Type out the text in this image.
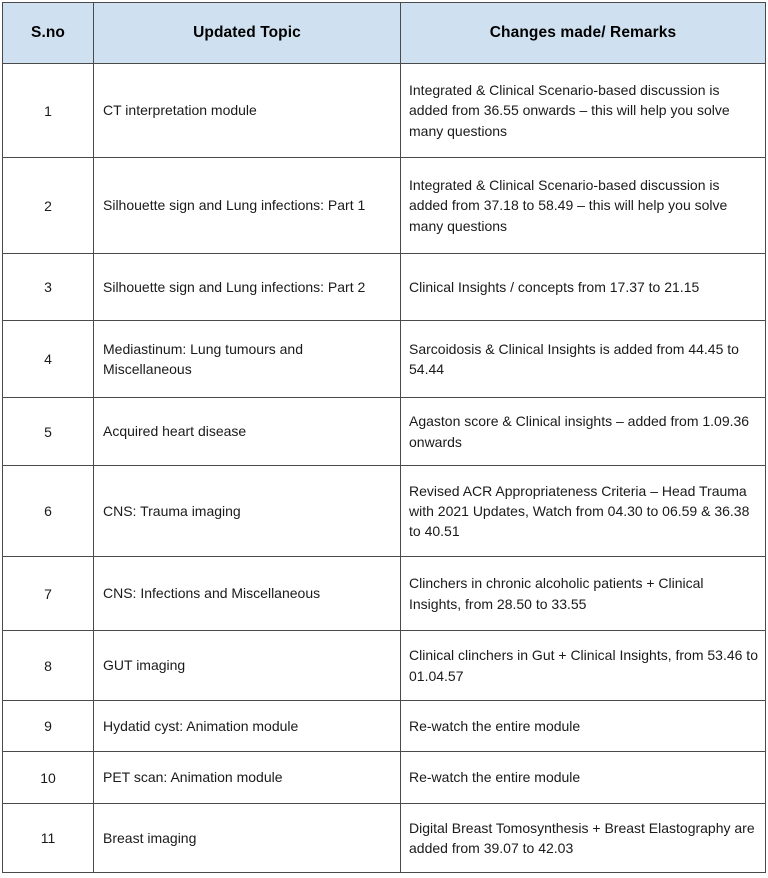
S.no	Updated Topic	Changes made/ Remarks

1	CT interpretation module	Integrated & Clinical Scenario-based discussion is added from 36.55 onwards – this will help you solve many questions

2	Silhouette sign and Lung infections: Part 1	Integrated & Clinical Scenario-based discussion is added from 37.18 to 58.49 – this will help you solve many questions

3	Silhouette sign and Lung infections: Part 2	Clinical Insights / concepts from 17.37 to 21.15

4	Mediastinum: Lung tumours and Miscellaneous	Sarcoidosis & Clinical Insights is added from 44.45 to 54.44

5	Acquired heart disease	Agaston score & Clinical insights – added from 1.09.36 onwards

6	CNS: Trauma imaging	Revised ACR Appropriateness Criteria – Head Trauma with 2021 Updates, Watch from 04.30 to 06.59 & 36.38 to 40.51

7	CNS: Infections and Miscellaneous	Clinchers in chronic alcoholic patients + Clinical Insights, from 28.50 to 33.55

8	GUT imaging	Clinical clinchers in Gut + Clinical Insights, from 53.46 to 01.04.57

9	Hydatid cyst: Animation module	Re-watch the entire module

10	PET scan: Animation module	Re-watch the entire module

11	Breast imaging	Digital Breast Tomosynthesis + Breast Elastography are added from 39.07 to 42.03
